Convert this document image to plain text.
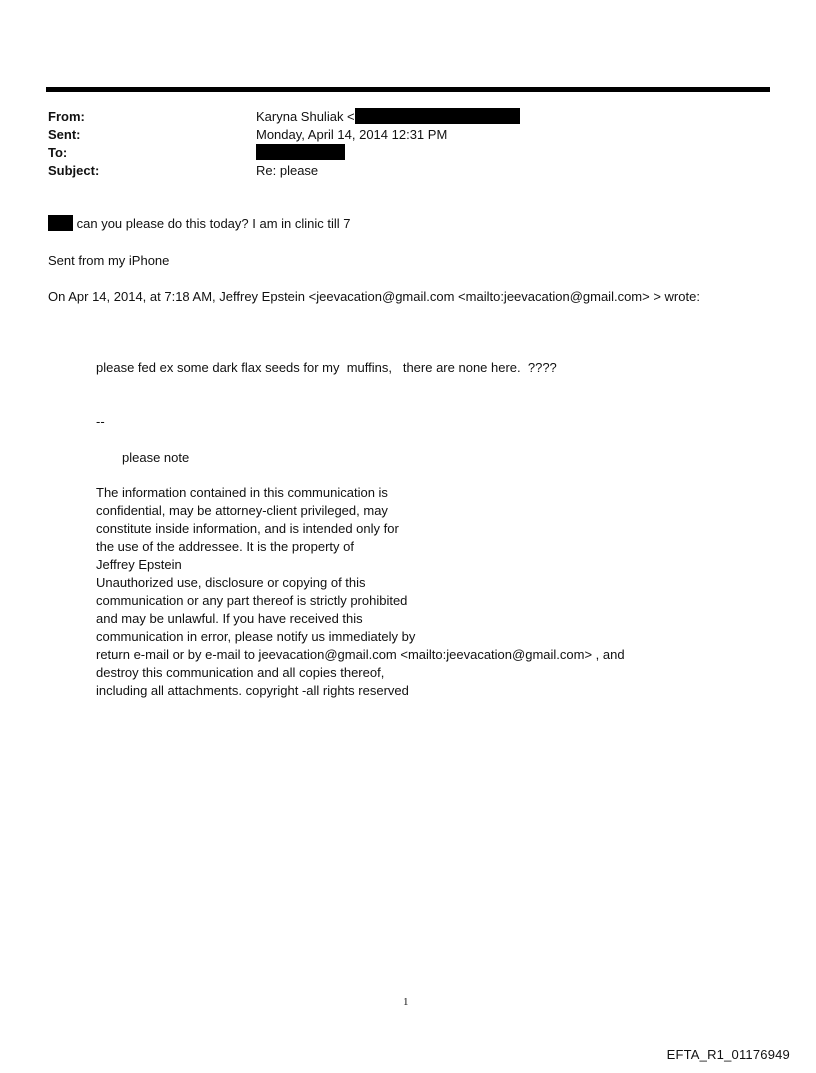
From:	Karyna Shuliak <
Sent:	Monday, April 14, 2014 12:31 PM
To:
Subject:	Re: please
can you please do this today? I am in clinic till 7
Sent from my iPhone
On Apr 14, 2014, at 7:18 AM, Jeffrey Epstein <jeevacation@gmail.com <mailto:jeevacation@gmail.com> > wrote:
please fed ex some dark flax seeds for my  muffins,   there are none here.  ????
--
please note
The information contained in this communication is
confidential, may be attorney-client privileged, may
constitute inside information, and is intended only for
the use of the addressee. It is the property of
Jeffrey Epstein
Unauthorized use, disclosure or copying of this
communication or any part thereof is strictly prohibited
and may be unlawful. If you have received this
communication in error, please notify us immediately by
return e-mail or by e-mail to jeevacation@gmail.com <mailto:jeevacation@gmail.com> , and
destroy this communication and all copies thereof,
including all attachments. copyright -all rights reserved
1
EFTA_R1_01176949
